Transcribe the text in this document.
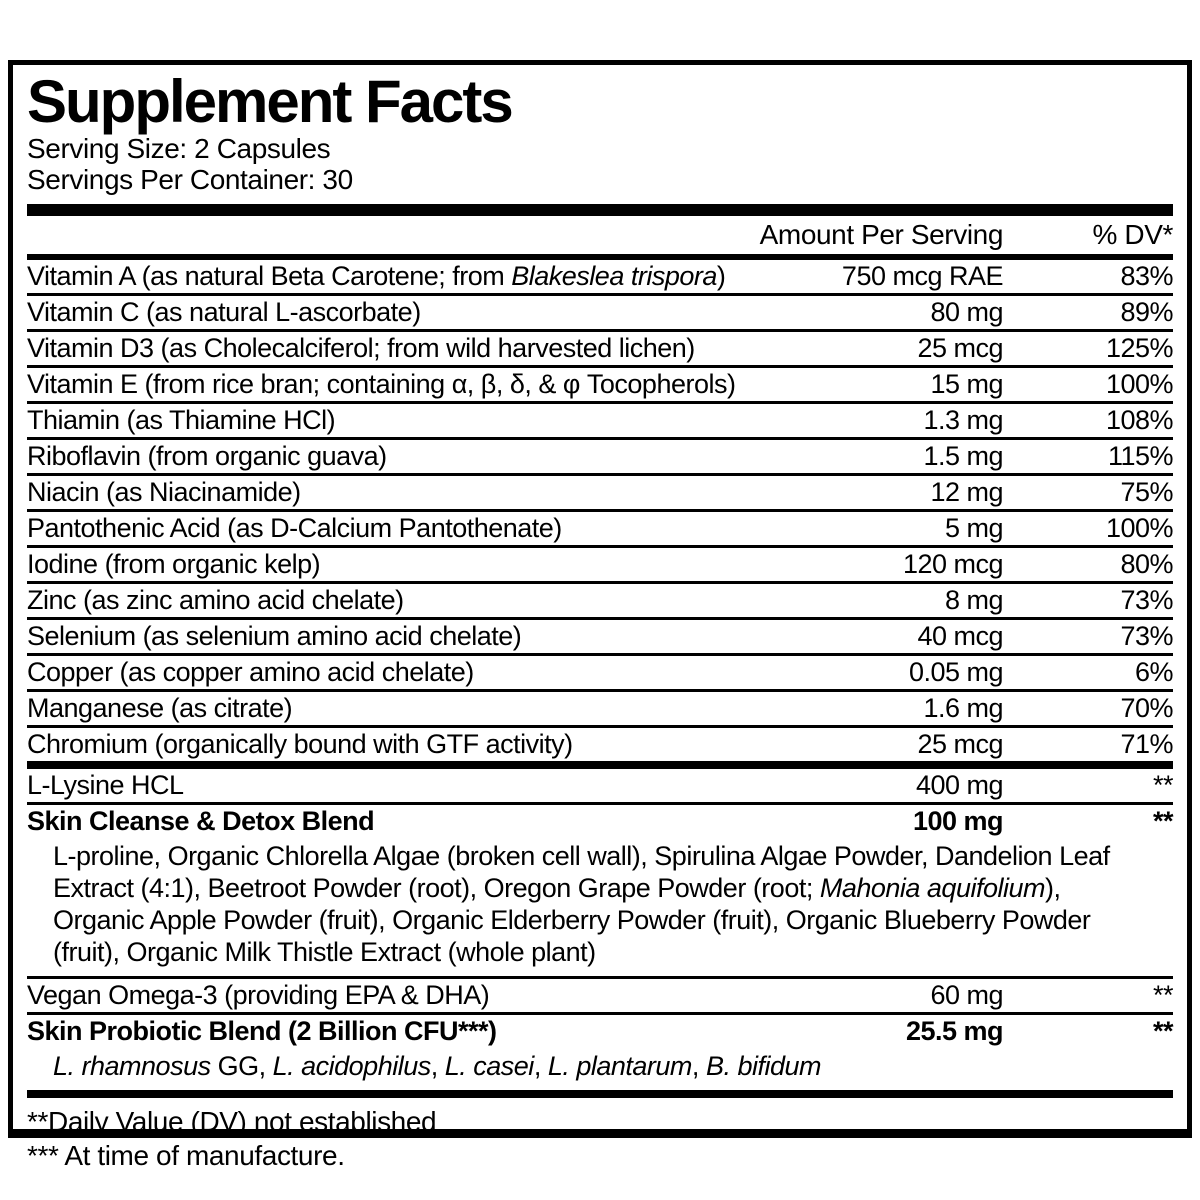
Supplement Facts
Serving Size: 2 Capsules
Servings Per Container: 30
Amount Per Serving	% DV*
Vitamin A (as natural Beta Carotene; from Blakeslea trispora)	750 mcg RAE	83%
Vitamin C (as natural L-ascorbate)	80 mg	89%
Vitamin D3 (as Cholecalciferol; from wild harvested lichen)	25 mcg	125%
Vitamin E (from rice bran; containing α, β, δ, & φ Tocopherols)	15 mg	100%
Thiamin (as Thiamine HCl)	1.3 mg	108%
Riboflavin (from organic guava)	1.5 mg	115%
Niacin (as Niacinamide)	12 mg	75%
Pantothenic Acid (as D-Calcium Pantothenate)	5 mg	100%
Iodine (from organic kelp)	120 mcg	80%
Zinc (as zinc amino acid chelate)	8 mg	73%
Selenium (as selenium amino acid chelate)	40 mcg	73%
Copper (as copper amino acid chelate)	0.05 mg	6%
Manganese (as citrate)	1.6 mg	70%
Chromium (organically bound with GTF activity)	25 mcg	71%
L-Lysine HCL	400 mg	**
Skin Cleanse & Detox Blend	100 mg	**
L-proline, Organic Chlorella Algae (broken cell wall), Spirulina Algae Powder, Dandelion Leaf Extract (4:1), Beetroot Powder (root), Oregon Grape Powder (root; Mahonia aquifolium), Organic Apple Powder (fruit), Organic Elderberry Powder (fruit), Organic Blueberry Powder (fruit), Organic Milk Thistle Extract (whole plant)
Vegan Omega-3 (providing EPA & DHA)	60 mg	**
Skin Probiotic Blend (2 Billion CFU***)	25.5 mg	**
L. rhamnosus GG, L. acidophilus, L. casei, L. plantarum, B. bifidum
**Daily Value (DV) not established
*** At time of manufacture.
